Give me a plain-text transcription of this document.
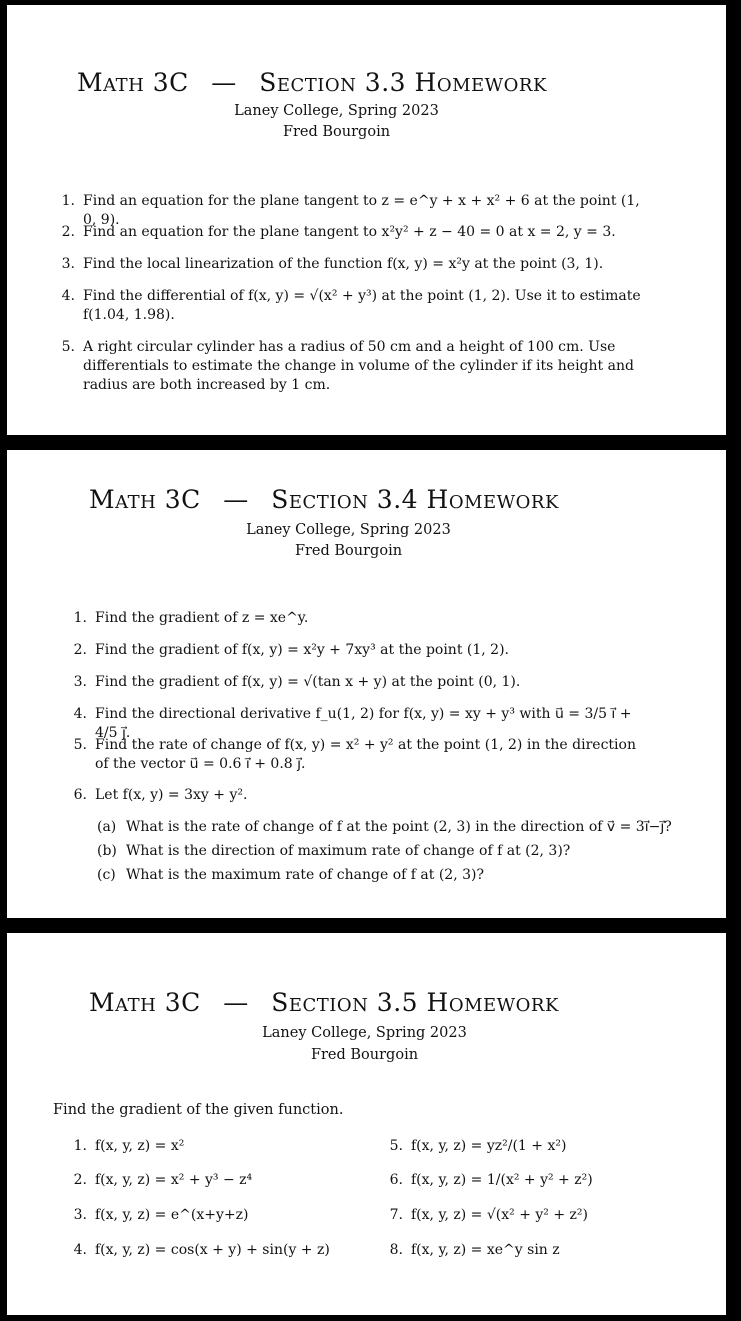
Math 3C — Section 3.3 Homework
Laney College, Spring 2023
Fred Bourgoin
1. Find an equation for the plane tangent to z = e^y + x + x² + 6 at the point (1, 0, 9).
2. Find an equation for the plane tangent to x²y² + z − 40 = 0 at x = 2, y = 3.
3. Find the local linearization of the function f(x, y) = x²y at the point (3, 1).
4. Find the differential of f(x, y) = √(x² + y³) at the point (1, 2). Use it to estimate f(1.04, 1.98).
5. A right circular cylinder has a radius of 50 cm and a height of 100 cm. Use differentials to estimate the change in volume of the cylinder if its height and radius are both increased by 1 cm.
Math 3C — Section 3.4 Homework
Laney College, Spring 2023
Fred Bourgoin
1. Find the gradient of z = xe^y.
2. Find the gradient of f(x, y) = x²y + 7xy³ at the point (1, 2).
3. Find the gradient of f(x, y) = √(tan x + y) at the point (0, 1).
4. Find the directional derivative f_u(1, 2) for f(x, y) = xy + y³ with u⃗ = 3/5 i⃗ + 4/5 j⃗.
5. Find the rate of change of f(x, y) = x² + y² at the point (1, 2) in the direction of the vector u⃗ = 0.6 i⃗ + 0.8 j⃗.
6. Let f(x, y) = 3xy + y².
(a) What is the rate of change of f at the point (2, 3) in the direction of v⃗ = 3i⃗−j⃗?
(b) What is the direction of maximum rate of change of f at (2, 3)?
(c) What is the maximum rate of change of f at (2, 3)?
Math 3C — Section 3.5 Homework
Laney College, Spring 2023
Fred Bourgoin
Find the gradient of the given function.
1. f(x, y, z) = x²
2. f(x, y, z) = x² + y³ − z⁴
3. f(x, y, z) = e^(x+y+z)
4. f(x, y, z) = cos(x + y) + sin(y + z)
5. f(x, y, z) = yz²/(1 + x²)
6. f(x, y, z) = 1/(x² + y² + z²)
7. f(x, y, z) = √(x² + y² + z²)
8. f(x, y, z) = xe^y sin z
